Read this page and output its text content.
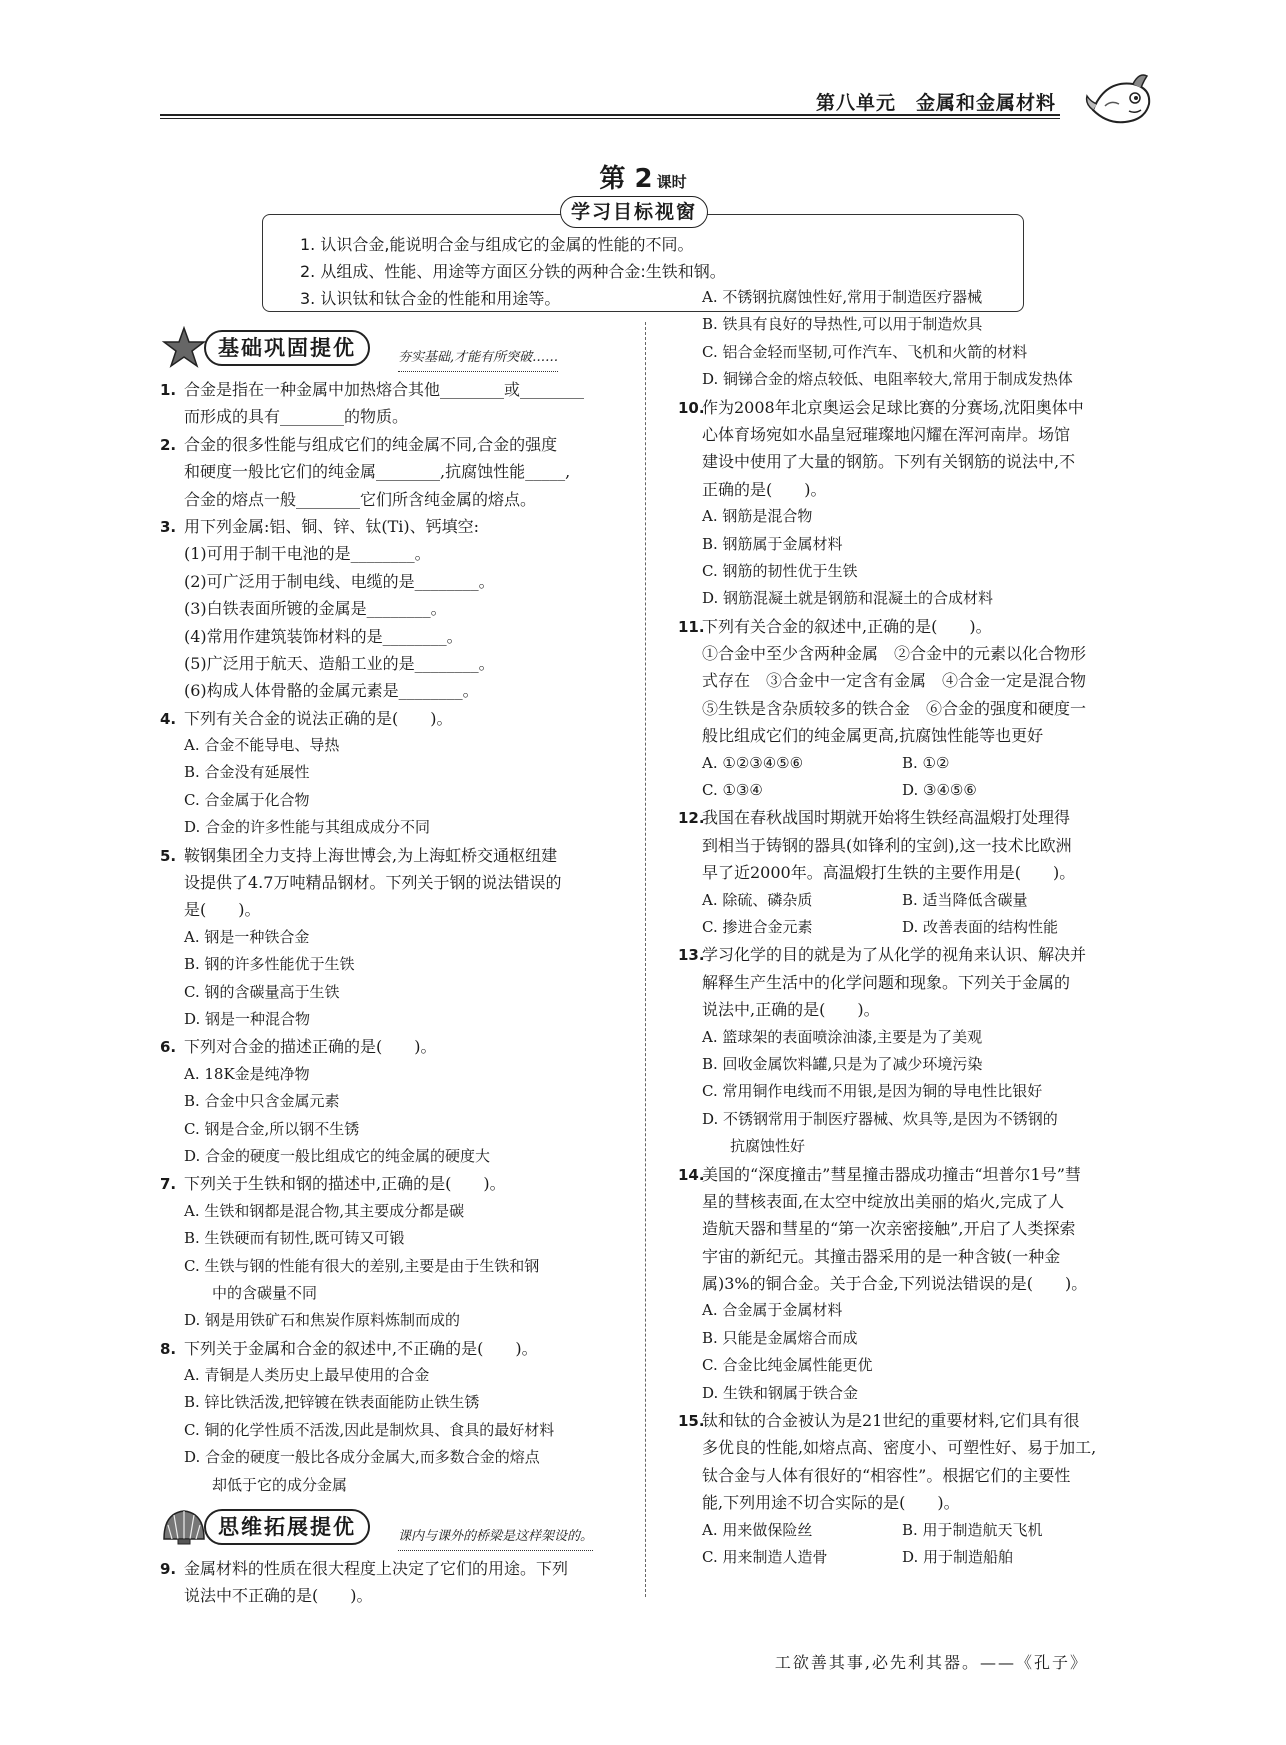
第八单元　金属和金属材料
第 2 课时
学习目标视窗
1. 认识合金,能说明合金与组成它的金属的性能的不同。
2. 从组成、性能、用途等方面区分铁的两种合金:生铁和钢。
3. 认识钛和钛合金的性能和用途等。
基础巩固提优	夯实基础,才能有所突破……
1. 合金是指在一种金属中加热熔合其他________或________
而形成的具有________的物质。
2. 合金的很多性能与组成它们的纯金属不同,合金的强度
和硬度一般比它们的纯金属________,抗腐蚀性能_____,
合金的熔点一般________它们所含纯金属的熔点。
3. 用下列金属:铝、铜、锌、钛(Ti)、钙填空:
(1)可用于制干电池的是________。
(2)可广泛用于制电线、电缆的是________。
(3)白铁表面所镀的金属是________。
(4)常用作建筑装饰材料的是________。
(5)广泛用于航天、造船工业的是________。
(6)构成人体骨骼的金属元素是________。
4. 下列有关合金的说法正确的是(　　)。
A. 合金不能导电、导热
B. 合金没有延展性
C. 合金属于化合物
D. 合金的许多性能与其组成成分不同
5. 鞍钢集团全力支持上海世博会,为上海虹桥交通枢纽建
设提供了4.7万吨精品钢材。下列关于钢的说法错误的
是(　　)。
A. 钢是一种铁合金
B. 钢的许多性能优于生铁
C. 钢的含碳量高于生铁
D. 钢是一种混合物
6. 下列对合金的描述正确的是(　　)。
A. 18K金是纯净物
B. 合金中只含金属元素
C. 钢是合金,所以钢不生锈
D. 合金的硬度一般比组成它的纯金属的硬度大
7. 下列关于生铁和钢的描述中,正确的是(　　)。
A. 生铁和钢都是混合物,其主要成分都是碳
B. 生铁硬而有韧性,既可铸又可锻
C. 生铁与钢的性能有很大的差别,主要是由于生铁和钢
中的含碳量不同
D. 钢是用铁矿石和焦炭作原料炼制而成的
8. 下列关于金属和合金的叙述中,不正确的是(　　)。
A. 青铜是人类历史上最早使用的合金
B. 锌比铁活泼,把锌镀在铁表面能防止铁生锈
C. 铜的化学性质不活泼,因此是制炊具、食具的最好材料
D. 合金的硬度一般比各成分金属大,而多数合金的熔点
却低于它的成分金属
思维拓展提优	课内与课外的桥梁是这样架设的。
9. 金属材料的性质在很大程度上决定了它们的用途。下列
说法中不正确的是(　　)。
A. 不锈钢抗腐蚀性好,常用于制造医疗器械
B. 铁具有良好的导热性,可以用于制造炊具
C. 铝合金轻而坚韧,可作汽车、飞机和火箭的材料
D. 铜锑合金的熔点较低、电阻率较大,常用于制成发热体
10.作为2008年北京奥运会足球比赛的分赛场,沈阳奥体中
心体育场宛如水晶皇冠璀璨地闪耀在浑河南岸。场馆
建设中使用了大量的钢筋。下列有关钢筋的说法中,不
正确的是(　　)。
A. 钢筋是混合物
B. 钢筋属于金属材料
C. 钢筋的韧性优于生铁
D. 钢筋混凝土就是钢筋和混凝土的合成材料
11.下列有关合金的叙述中,正确的是(　　)。
①合金中至少含两种金属　②合金中的元素以化合物形
式存在　③合金中一定含有金属　④合金一定是混合物
⑤生铁是含杂质较多的铁合金　⑥合金的强度和硬度一
般比组成它们的纯金属更高,抗腐蚀性能等也更好
A. ①②③④⑤⑥	B. ①②
C. ①③④	D. ③④⑤⑥
12.我国在春秋战国时期就开始将生铁经高温煅打处理得
到相当于铸钢的器具(如锋利的宝剑),这一技术比欧洲
早了近2000年。高温煅打生铁的主要作用是(　　)。
A. 除硫、磷杂质	B. 适当降低含碳量
C. 掺进合金元素	D. 改善表面的结构性能
13.学习化学的目的就是为了从化学的视角来认识、解决并
解释生产生活中的化学问题和现象。下列关于金属的
说法中,正确的是(　　)。
A. 篮球架的表面喷涂油漆,主要是为了美观
B. 回收金属饮料罐,只是为了减少环境污染
C. 常用铜作电线而不用银,是因为铜的导电性比银好
D. 不锈钢常用于制医疗器械、炊具等,是因为不锈钢的
抗腐蚀性好
14.美国的“深度撞击”彗星撞击器成功撞击“坦普尔1号”彗
星的彗核表面,在太空中绽放出美丽的焰火,完成了人
造航天器和彗星的“第一次亲密接触”,开启了人类探索
宇宙的新纪元。其撞击器采用的是一种含铍(一种金
属)3%的铜合金。关于合金,下列说法错误的是(　　)。
A. 合金属于金属材料
B. 只能是金属熔合而成
C. 合金比纯金属性能更优
D. 生铁和钢属于铁合金
15.钛和钛的合金被认为是21世纪的重要材料,它们具有很
多优良的性能,如熔点高、密度小、可塑性好、易于加工,
钛合金与人体有很好的“相容性”。根据它们的主要性
能,下列用途不切合实际的是(　　)。
A. 用来做保险丝	B. 用于制造航天飞机
C. 用来制造人造骨	D. 用于制造船舶
工欲善其事,必先利其器。——《孔子》
